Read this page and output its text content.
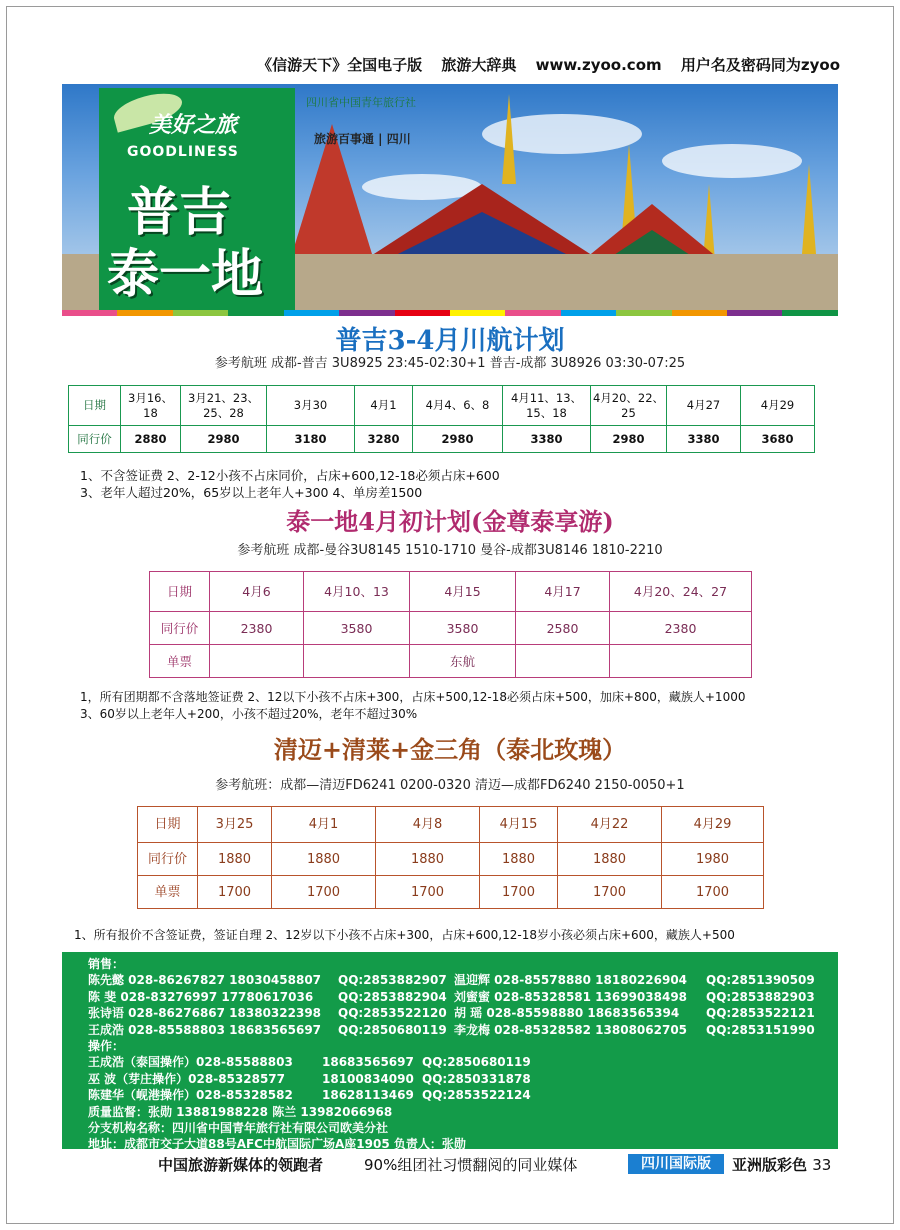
《信游天下》全国电子版 旅游大辞典 www.zyoo.com 用户名及密码同为zyoo
美好之旅
GOODLINESS
普吉
泰一地
四川省中国青年旅行社
旅游百事通 | 四川
普吉3-4月川航计划
参考航班 成都-普吉 3U8925 23:45-02:30+1 普吉-成都 3U8926 03:30-07:25
日期	3月16、18	3月21、23、25、28	3月30	4月1	4月4、6、8	4月11、13、15、18	4月20、22、25	4月27	4月29
同行价	2880	2980	3180	3280	2980	3380	2980	3380	3680
1、不含签证费 2、2-12小孩不占床同价，占床+600,12-18必须占床+600
3、老年人超过20%，65岁以上老年人+300 4、单房差1500
泰一地4月初计划(金尊泰享游)
参考航班 成都-曼谷3U8145 1510-1710 曼谷-成都3U8146 1810-2210
日期	4月6	4月10、13	4月15	4月17	4月20、24、27
同行价	2380	3580	3580	2580	2380
单票			东航		
1，所有团期都不含落地签证费 2、12以下小孩不占床+300，占床+500,12-18必须占床+500，加床+800，藏族人+1000
3、60岁以上老年人+200，小孩不超过20%，老年不超过30%
清迈+清莱+金三角（泰北玫瑰）
参考航班：成都—清迈FD6241 0200-0320 清迈—成都FD6240 2150-0050+1
日期	3月25	4月1	4月8	4月15	4月22	4月29
同行价	1880	1880	1880	1880	1880	1980
单票	1700	1700	1700	1700	1700	1700
1、所有报价不含签证费，签证自理 2、12岁以下小孩不占床+300，占床+600,12-18岁小孩必须占床+600，藏族人+500
销售：
陈先懿 028-86267827 18030458807 QQ:2853882907 温迎辉 028-85578880 18180226904 QQ:2851390509
陈 斐 028-83276997 17780617036 QQ:2853882904 刘蜜蜜 028-85328581 13699038498 QQ:2853882903
张诗语 028-86276867 18380322398 QQ:2853522120 胡 瑶 028-85598880 18683565394 QQ:2853522121
王成浩 028-85588803 18683565697 QQ:2850680119 李龙梅 028-85328582 13808062705 QQ:2853151990
操作：
王成浩（泰国操作）028-85588803 18683565697 QQ:2850680119
巫 波（芽庄操作）028-85328577	18100834090 QQ:2850331878
陈建华（岘港操作）028-85328582 18628113469 QQ:2853522124
质量监督：张勋 13881988228 陈兰 13982066968
分支机构名称：四川省中国青年旅行社有限公司欧美分社
地址：成都市交子大道88号AFC中航国际广场A座1905 负责人：张勋
中国旅游新媒体的领跑者	90%组团社习惯翻阅的同业媒体	四川国际版	亚洲版彩色 33
